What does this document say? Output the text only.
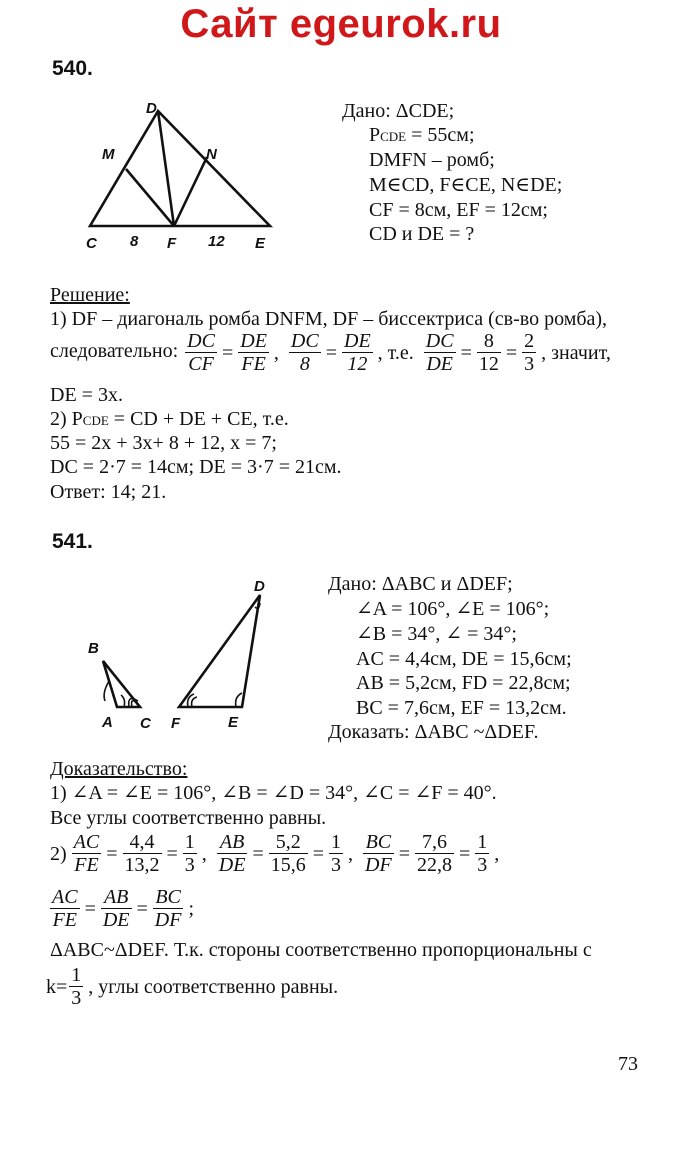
Сайт egeurok.ru
540.
D
M	N
C 8 F 12 E
Дано: ΔCDE;
PCDE = 55см;
DMFN – ромб;
M∈CD, F∈CE, N∈DE;
CF = 8см, EF = 12см;
CD и DE = ?
Решение:
1) DF – диагональ ромба DNFM, DF – биссектриса (св-во ромба),
следовательно: $\frac{DC}{CF} = \frac{DE}{FE}$ , $\frac{DC}{8} = \frac{DE}{12}$ , т.е. $\frac{DC}{DE} = \frac{8}{12} = \frac{2}{3}$ , значит,
DE = 3x.
2) PCDE = CD + DE + CE, т.е.
55 = 2x + 3x+ 8 + 12, x = 7;
DC = 2·7 = 14см; DE = 3·7 = 21см.
Ответ: 14; 21.
541.
B
A C F	E
D	Дано: ΔABC и ΔDEF;
∠A = 106°, ∠E = 106°;
∠B = 34°, ∠ = 34°;
AC = 4,4см, DE = 15,6см;
AB = 5,2см, FD = 22,8см;
BC = 7,6см, EF = 13,2см.
Доказать: ΔABC ~ΔDEF.
Доказательство:
1) ∠A = ∠E = 106°, ∠B = ∠D = 34°, ∠C = ∠F = 40°.
Все углы соответственно равны.
$2) \frac{AC}{FE} = \frac{4,4}{13,2} = \frac{1}{3}$ , $\frac{AB}{DE} = \frac{5,2}{15,6} = \frac{1}{3}$ , $\frac{BC}{DF} = \frac{7,6}{22,8} = \frac{1}{3}$ ,
$\frac{AC}{FE} = \frac{AB}{DE} = \frac{BC}{DF}$ ;
ΔABC~ΔDEF. Т.к. стороны соответственно пропорциональны с
$k= \frac{1}{3}$ , углы соответственно равны.
73
